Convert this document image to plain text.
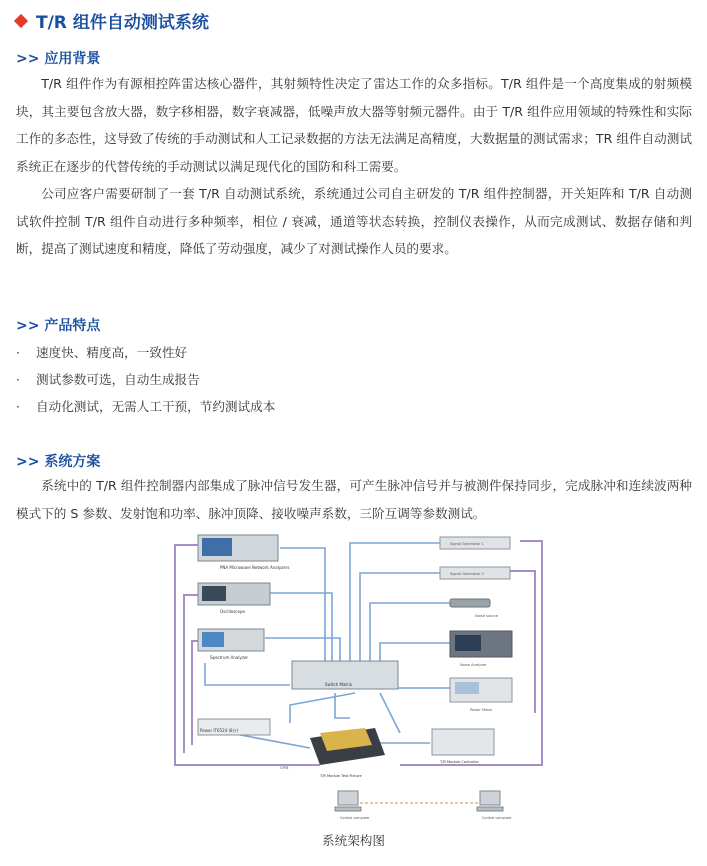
T/R 组件自动测试系统
>> 应用背景

T/R 组件作为有源相控阵雷达核心器件，其射频特性决定了雷达工作的众多指标。T/R 组件是一个高度集成的射频模块，其主要包含放大器，数字移相器，数字衰减器，低噪声放大器等射频元器件。由于 T/R 组件应用领域的特殊性和实际工作的多态性，这导致了传统的手动测试和人工记录数据的方法无法满足高精度，大数据量的测试需求；TR 组件自动测试系统正在逐步的代替传统的手动测试以满足现代化的国防和科工需要。

公司应客户需要研制了一套 T/R 自动测试系统，系统通过公司自主研发的 T/R 组件控制器，开关矩阵和 T/R 自动测试软件控制 T/R 组件自动进行多种频率，相位 / 衰减，通道等状态转换，控制仪表操作，从而完成测试、数据存储和判断，提高了测试速度和精度，降低了劳动强度，减少了对测试操作人员的要求。

>> 产品特点
· 速度快、精度高，一致性好
· 测试参数可选，自动生成报告
· 自动化测试，无需人工干预，节约测试成本
>> 系统方案

系统中的 T/R 组件控制器内部集成了脉冲信号发生器，可产生脉冲信号并与被测件保持同步，完成脉冲和连续波两种模式下的 S 参数、发射饱和功率、脉冲顶降、接收噪声系数，三阶互调等参数测试。

PNA Microwave Network Analyzers
Oscilloscope
Spectrum Analyzer
Signal Generator 1
Signal Generator 2
Noise source
Noise Analyzer
Power Meter
Power IT6524 (8台)
Switch Matrix
T/R Module Test Fixture
T/R Module Controller
GPIB
Control computer	Control computer
系统架构图
